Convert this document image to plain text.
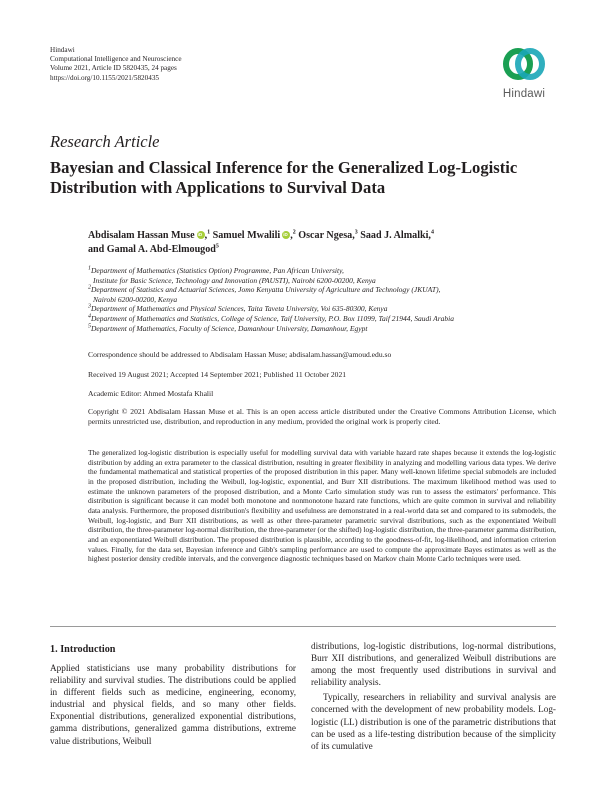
Hindawi
Computational Intelligence and Neuroscience
Volume 2021, Article ID 5820435, 24 pages
https://doi.org/10.1155/2021/5820435
Hindawi
Research Article
Bayesian and Classical Inference for the Generalized Log-Logistic Distribution with Applications to Survival Data
Abdisalam Hassan Muse iD ,$^1$ Samuel Mwalili iD ,$^2$ Oscar Ngesa,$^3$ Saad J. Almalki,$^4$
and Gamal A. Abd-Elmougod$^5$
$^1$Department of Mathematics (Statistics Option) Programme, Pan African University,
Institute for Basic Science, Technology and Innovation (PAUSTI), Nairobi 6200-00200, Kenya
$^2$Department of Statistics and Actuarial Sciences, Jomo Kenyatta University of Agriculture and Technology (JKUAT),
Nairobi 6200-00200, Kenya
$^3$Department of Mathematics and Physical Sciences, Taita Taveta University, Voi 635-80300, Kenya
$^4$Department of Mathematics and Statistics, College of Science, Taif University, P.O. Box 11099, Taif 21944, Saudi Arabia
$^5$Department of Mathematics, Faculty of Science, Damanhour University, Damanhour, Egypt
Correspondence should be addressed to Abdisalam Hassan Muse; abdisalam.hassan@amoud.edu.so
Received 19 August 2021; Accepted 14 September 2021; Published 11 October 2021
Academic Editor: Ahmed Mostafa Khalil
Copyright © 2021 Abdisalam Hassan Muse et al. This is an open access article distributed under the Creative Commons Attribution License, which permits unrestricted use, distribution, and reproduction in any medium, provided the original work is properly cited.
The generalized log-logistic distribution is especially useful for modelling survival data with variable hazard rate shapes because it extends the log-logistic distribution by adding an extra parameter to the classical distribution, resulting in greater flexibility in analyzing and modelling various data types. We derive the fundamental mathematical and statistical properties of the proposed distribution in this paper. Many well-known lifetime special submodels are included in the proposed distribution, including the Weibull, log-logistic, exponential, and Burr XII distributions. The maximum likelihood method was used to estimate the unknown parameters of the proposed distribution, and a Monte Carlo simulation study was run to assess the estimators' performance. This distribution is significant because it can model both monotone and nonmonotone hazard rate functions, which are quite common in survival and reliability data analysis. Furthermore, the proposed distribution's flexibility and usefulness are demonstrated in a real-world data set and compared to its submodels, the Weibull, log-logistic, and Burr XII distributions, as well as other three-parameter parametric survival distributions, such as the exponentiated Weibull distribution, the three-parameter log-normal distribution, the three-parameter (or the shifted) log-logistic distribution, the three-parameter gamma distribution, and an exponentiated Weibull distribution. The proposed distribution is plausible, according to the goodness-of-fit, log-likelihood, and information criterion values. Finally, for the data set, Bayesian inference and Gibb's sampling performance are used to compute the approximate Bayes estimates as well as the highest posterior density credible intervals, and the convergence diagnostic techniques based on Markov chain Monte Carlo techniques were used.
1. Introduction

Applied statisticians use many probability distributions for reliability and survival studies. The distributions could be applied in different fields such as medicine, engineering, economy, industrial and physical fields, and so many other fields. Exponential distributions, generalized exponential distributions, gamma distributions, generalized gamma distributions, extreme value distributions, Weibull

distributions, log-logistic distributions, log-normal distributions, Burr XII distributions, and generalized Weibull distributions are among the most frequently used distributions in survival and reliability analysis.

Typically, researchers in reliability and survival analysis are concerned with the development of new probability models. Log-logistic (LL) distribution is one of the parametric distributions that can be used as a life-testing distribution because of the simplicity of its cumulative
